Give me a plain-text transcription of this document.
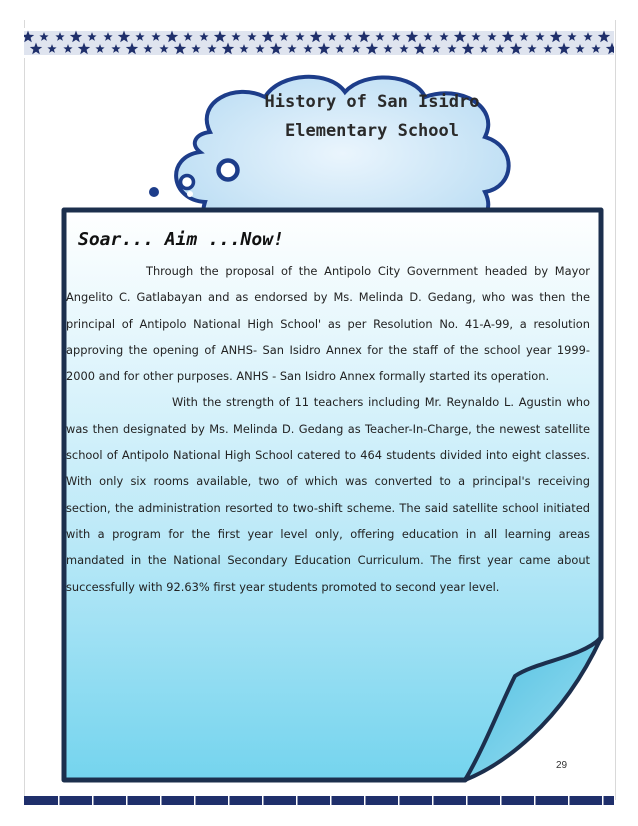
History of San Isidro
Elementary School
Soar... Aim ...Now!

Through the proposal of the Antipolo City Government headed by Mayor Angelito C. Gatlabayan and as endorsed by Ms. Melinda D. Gedang, who was then the principal of Antipolo National High School' as per Resolution No. 41-A-99, a resolution approving the opening of ANHS- San Isidro Annex for the staff of the school year 1999-2000 and for other purposes. ANHS - San Isidro Annex formally started its operation.

With the strength of 11 teachers including Mr. Reynaldo L. Agustin who was then designated by Ms. Melinda D. Gedang as Teacher-In-Charge, the newest satellite school of Antipolo National High School catered to 464 students divided into eight classes. With only six rooms available, two of which was converted to a principal's receiving section, the administration resorted to two-shift scheme. The said satellite school initiated with a program for the first year level only, offering education in all learning areas mandated in the National Secondary Education Curriculum. The first year came about successfully with 92.63% first year students promoted to second year level.

29
